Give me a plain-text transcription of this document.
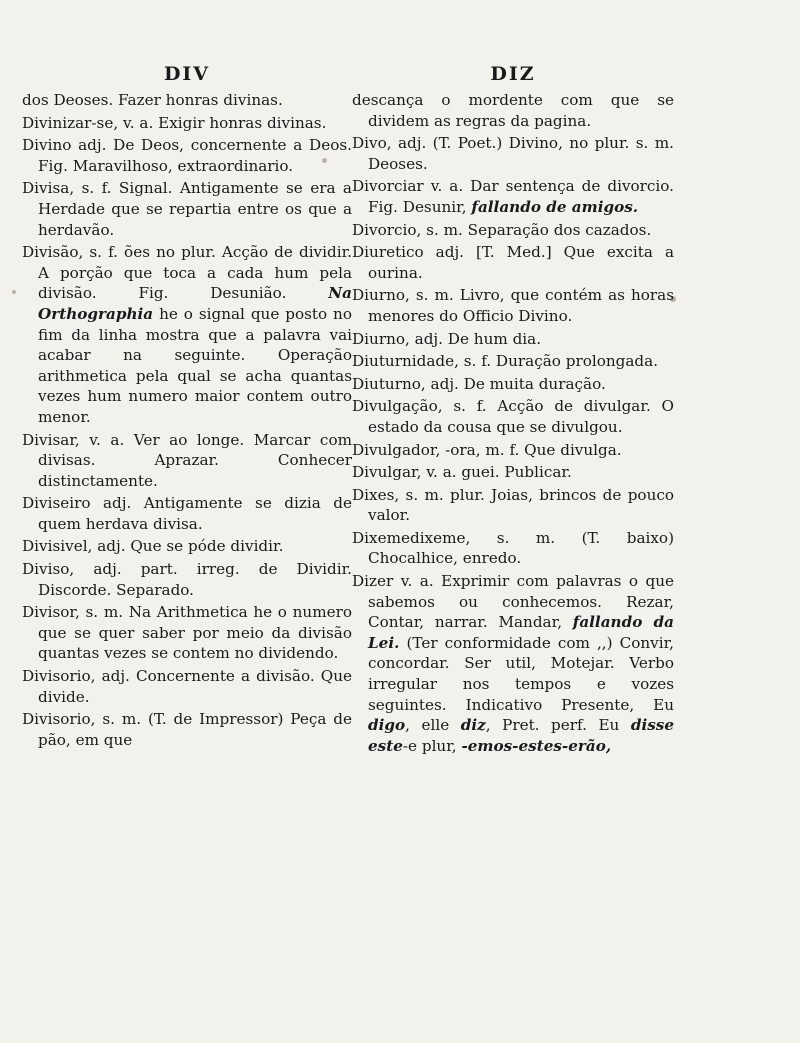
DIV

dos Deoses. Fazer honras divinas.

Divinizar-se, v. a. Exigir honras divinas.

Divino adj. De Deos, concernente a Deos. Fig. Maravilhoso, extraordinario.

Divisa, s. f. Signal. Antigamente se era a Herdade que se repartia entre os que a herdavão.

Divisão, s. f. ões no plur. Acção de dividir. A porção que toca a cada hum pela divisão. Fig. Desunião. Na Orthographia he o signal que posto no fim da linha mostra que a palavra vai acabar na seguinte. Operação arithmetica pela qual se acha quantas vezes hum numero maior contem outro menor.

Divisar, v. a. Ver ao longe. Marcar com divisas. Aprazar. Conhecer distinctamente.

Diviseiro adj. Antigamente se dizia de quem herdava divisa.

Divisivel, adj. Que se póde dividir.

Diviso, adj. part. irreg. de Dividir. Discorde. Separado.

Divisor, s. m. Na Arithmetica he o numero que se quer saber por meio da divisão quantas vezes se contem no dividendo.

Divisorio, adj. Concernente a divisão. Que divide.

Divisorio, s. m. (T. de Impressor) Peça de pão, em que

DIZ

descança o mordente com que se dividem as regras da pagina.

Divo, adj. (T. Poet.) Divino, no plur. s. m. Deoses.

Divorciar v. a. Dar sentença de divorcio. Fig. Desunir, fallando de amigos.

Divorcio, s. m. Separação dos cazados.

Diuretico adj. [T. Med.] Que excita a ourina.

Diurno, s. m. Livro, que contém as horas menores do Officio Divino.

Diurno, adj. De hum dia.

Diuturnidade, s. f. Duração prolongada.

Diuturno, adj. De muita duração.

Divulgação, s. f. Acção de divulgar. O estado da cousa que se divulgou.

Divulgador, -ora, m. f. Que divulga.

Divulgar, v. a. guei. Publicar.

Dixes, s. m. plur. Joias, brincos de pouco valor.

Dixemedixeme, s. m. (T. baixo) Chocalhice, enredo.

Dizer v. a. Exprimir com palavras o que sabemos ou conhecemos. Rezar, Contar, narrar. Mandar, fallando da Lei. (Ter conformidade com ,,) Convir, concordar. Ser util, Motejar. Verbo irregular nos tempos e vozes seguintes. Indicativo Presente, Eu digo, elle diz, Pret. perf. Eu disse este-e plur, -emos-estes-erão,
